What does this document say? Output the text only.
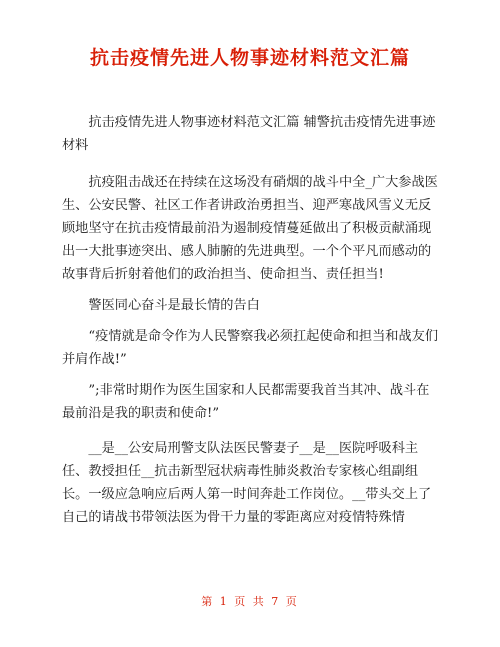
抗击疫情先进人物事迹材料范文汇篇

抗击疫情先进人物事迹材料范文汇篇 辅警抗击疫情先进事迹材料

抗疫阻击战还在持续在这场没有硝烟的战斗中全_广大参战医生、公安民警、社区工作者讲政治勇担当、迎严寒战风雪义无反顾地坚守在抗击疫情最前沿为遏制疫情蔓延做出了积极贡献涌现出一大批事迹突出、感人肺腑的先进典型。一个个平凡而感动的故事背后折射着他们的政治担当、使命担当、责任担当!

警医同心奋斗是最长情的告白

“疫情就是命令作为人民警察我必须扛起使命和担当和战友们并肩作战!”

”;非常时期作为医生国家和人民都需要我首当其冲、战斗在最前沿是我的职责和使命!”

__是__公安局刑警支队法医民警妻子__是__医院呼吸科主任、教授担任__抗击新型冠状病毒性肺炎救治专家核心组副组长。一级应急响应后两人第一时间奔赴工作岗位。__带头交上了自己的请战书带领法医为骨干力量的零距离应对疫情特殊情

第 1 页 共 7 页
